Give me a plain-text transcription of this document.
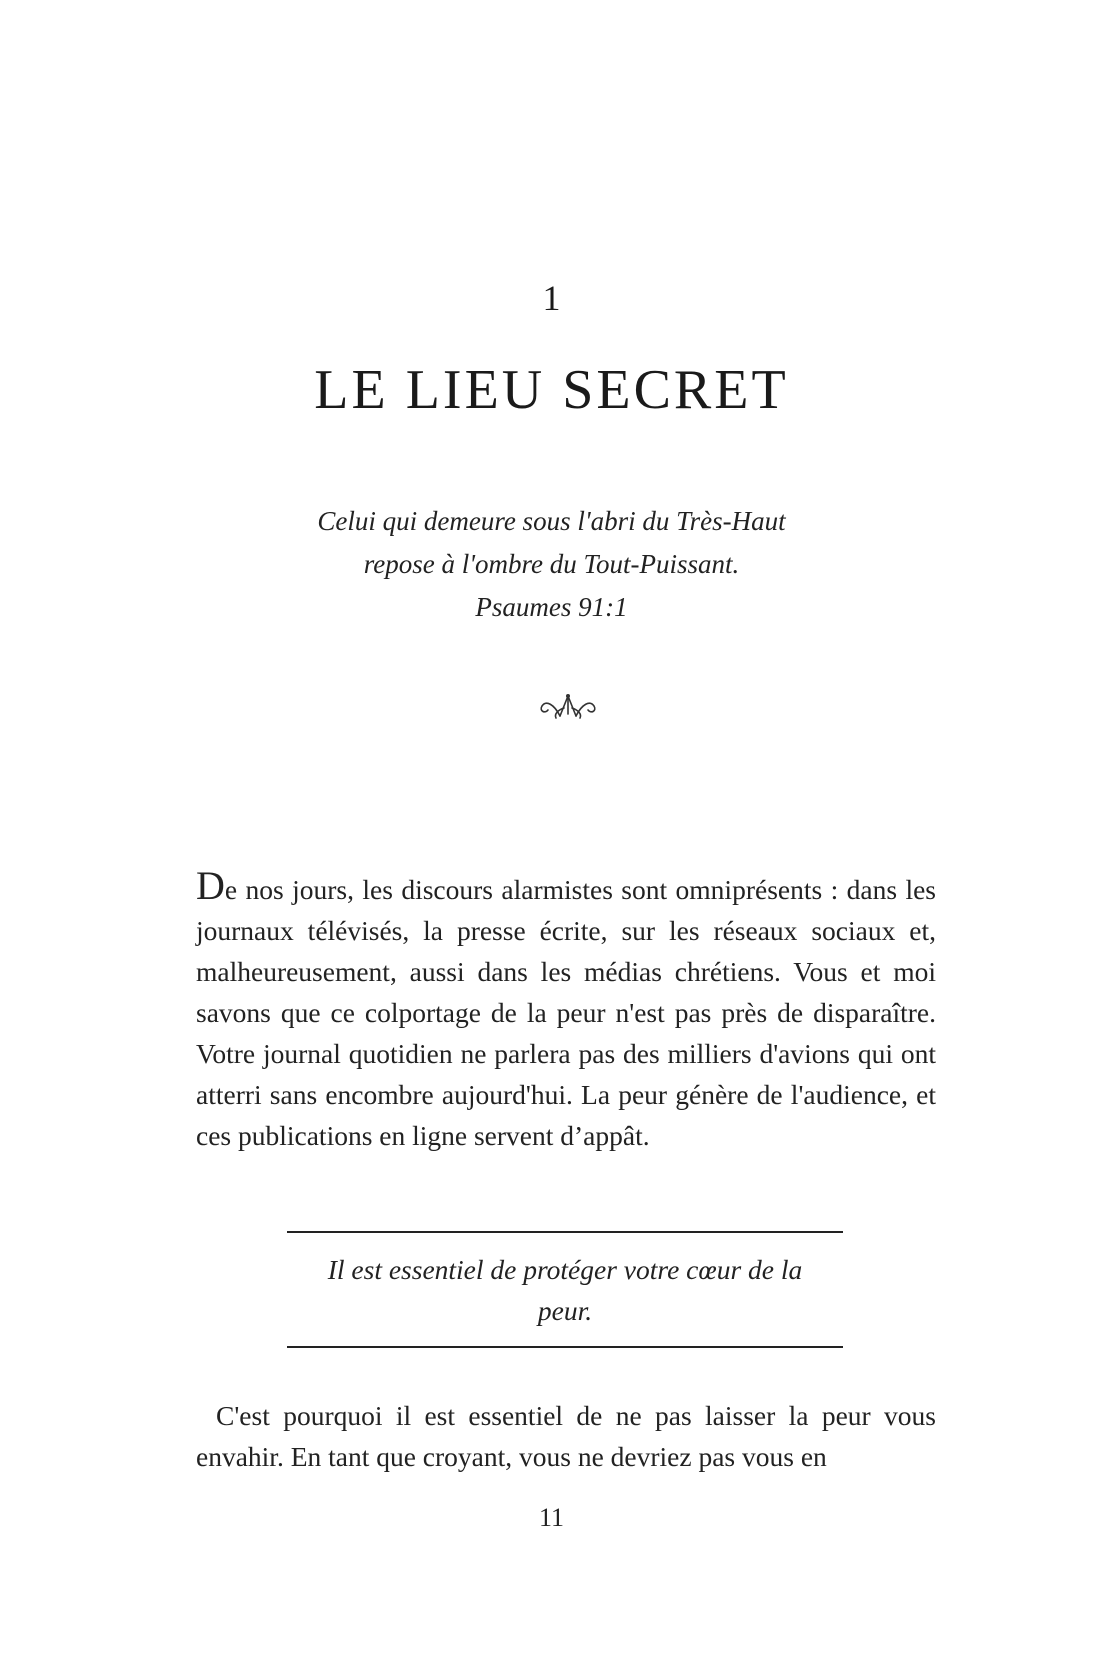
1
LE LIEU SECRET
Celui qui demeure sous l'abri du Très-Haut
repose à l'ombre du Tout-Puissant.
Psaumes 91:1
De nos jours, les discours alarmistes sont omniprésents : dans les journaux télévisés, la presse écrite, sur les réseaux sociaux et, malheureusement, aussi dans les médias chrétiens. Vous et moi savons que ce colportage de la peur n'est pas près de disparaître. Votre journal quotidien ne parlera pas des milliers d'avions qui ont atterri sans encombre aujourd'hui. La peur génère de l'audience, et ces publications en ligne servent d’appât.
Il est essentiel de protéger votre cœur de la peur.
C'est pourquoi il est essentiel de ne pas laisser la peur vous envahir. En tant que croyant, vous ne devriez pas vous en
11
